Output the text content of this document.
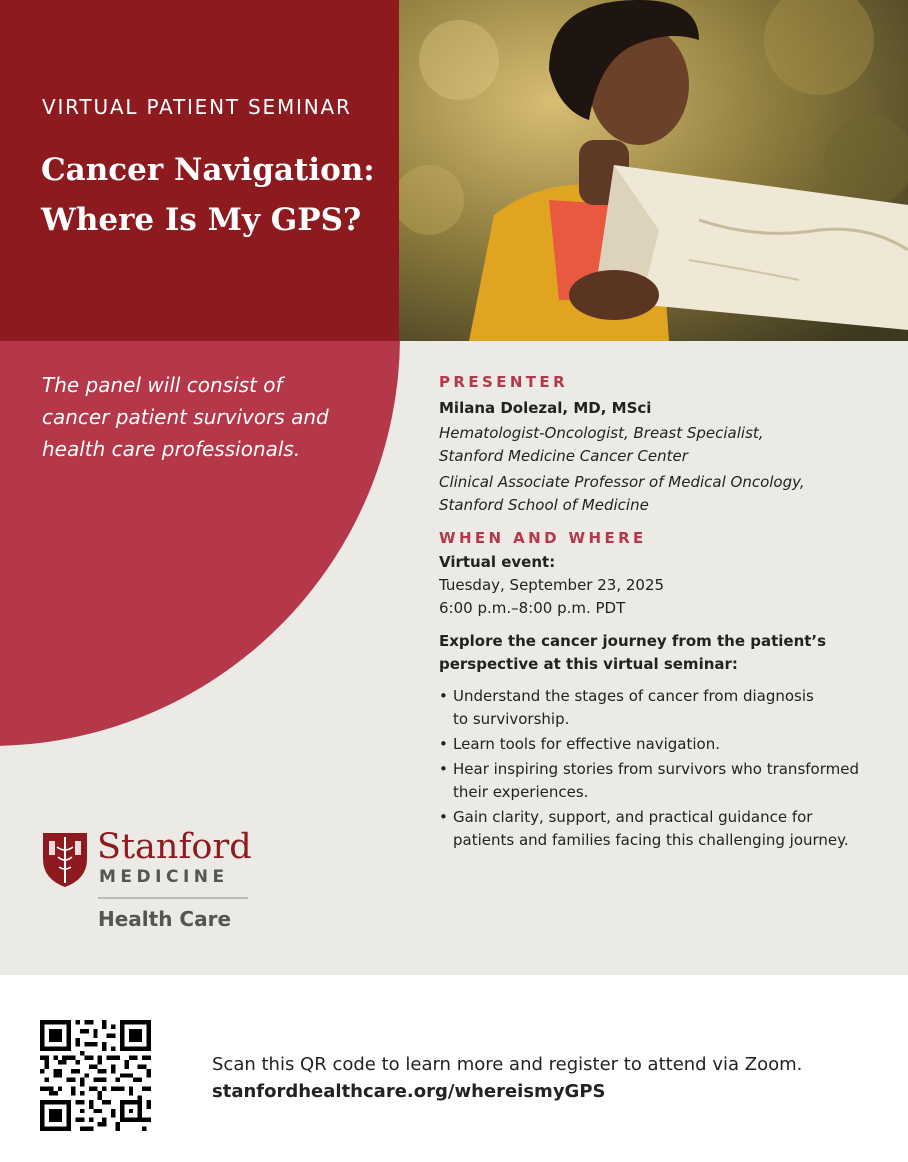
VIRTUAL PATIENT SEMINAR
Cancer Navigation:
Where Is My GPS?
The panel will consist of
cancer patient survivors and
health care professionals.
PRESENTER
Milana Dolezal, MD, MSci
Hematologist-Oncologist, Breast Specialist,
Stanford Medicine Cancer Center
Clinical Associate Professor of Medical Oncology,
Stanford School of Medicine
WHEN AND WHERE
Virtual event:
Tuesday, September 23, 2025
6:00 p.m.–8:00 p.m. PDT
Explore the cancer journey from the patient’s
perspective at this virtual seminar:
• Understand the stages of cancer from diagnosis
to survivorship.
• Learn tools for effective navigation.
• Hear inspiring stories from survivors who transformed
their experiences.
• Gain clarity, support, and practical guidance for
patients and families facing this challenging journey.
Stanford
MEDICINE
Health Care
Scan this QR code to learn more and register to attend via Zoom.
stanfordhealthcare.org/whereismyGPS
